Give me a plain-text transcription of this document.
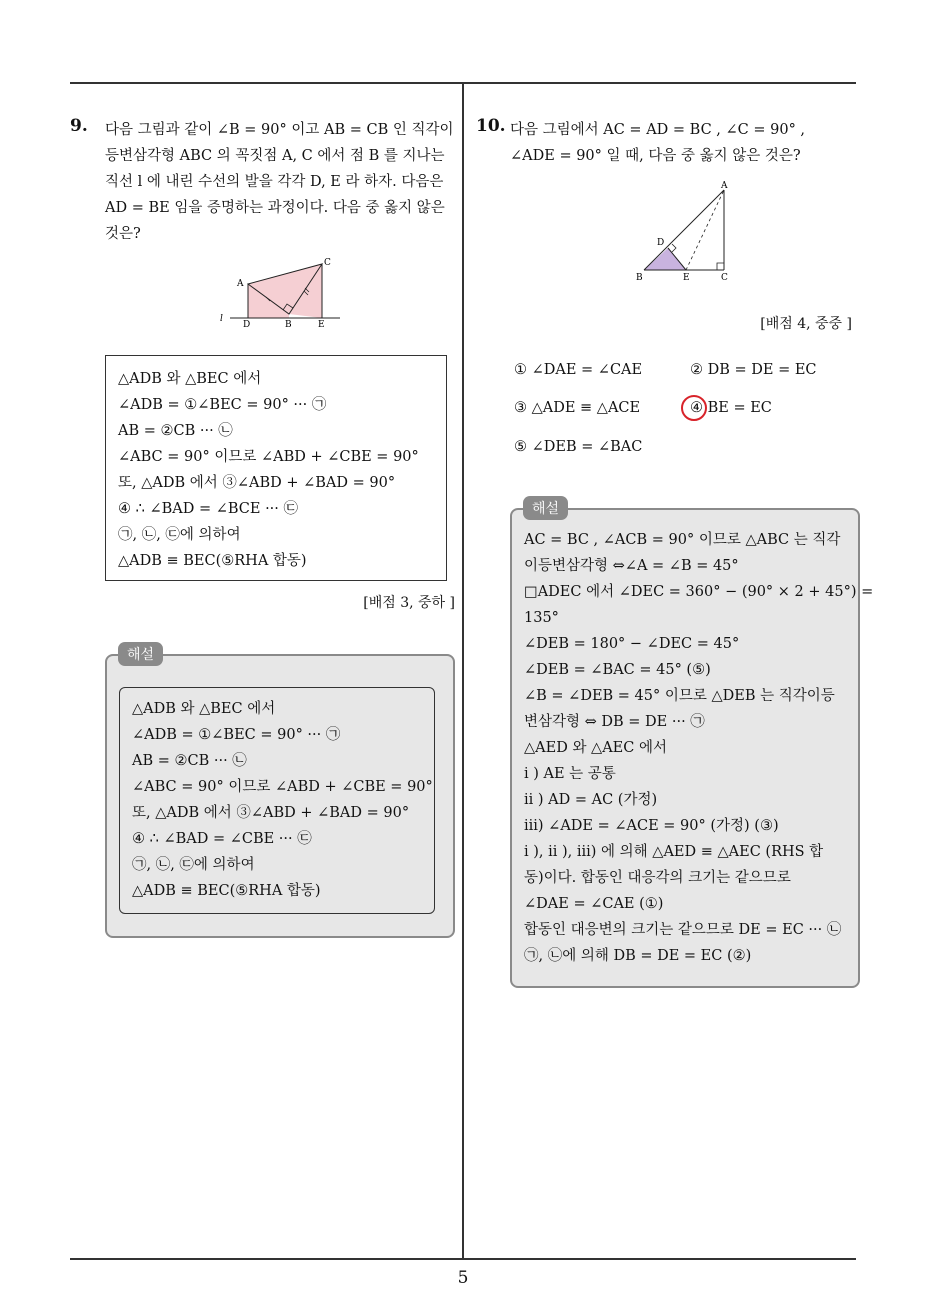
9. 다음 그림과 같이 ∠B = 90° 이고 AB = CB 인 직각이
등변삼각형 ABC 의 꼭짓점 A, C 에서 점 B 를 지나는
직선 l 에 내린 수선의 발을 각각 D, E 라 하자. 다음은
AD = BE 임을 증명하는 과정이다. 다음 중 옳지 않은
것은?
A
C
D	B	E
l
△ADB 와 △BEC 에서
∠ADB = ①∠BEC = 90° ··· ㉠
AB = ②CB ··· ㉡
∠ABC = 90° 이므로 ∠ABD + ∠CBE = 90°
또, △ADB 에서 ③∠ABD + ∠BAD = 90°
④ ∴ ∠BAD = ∠BCE ··· ㉢
㉠, ㉡, ㉢에 의하여
△ADB ≡ BEC(⑤RHA 합동)
[배점 3, 중하 ]
△ADB 와 △BEC 에서
∠ADB = ①∠BEC = 90° ··· ㉠
AB = ②CB ··· ㉡
∠ABC = 90° 이므로 ∠ABD + ∠CBE = 90°
또, △ADB 에서 ③∠ABD + ∠BAD = 90°
④ ∴ ∠BAD = ∠CBE ··· ㉢
㉠, ㉡, ㉢에 의하여
△ADB ≡ BEC(⑤RHA 합동)
해설
10. 다음 그림에서 AC = AD = BC , ∠C = 90° ,
∠ADE = 90° 일 때, 다음 중 옳지 않은 것은?
A
D
B	E	C
[배점 4, 중중 ]
① ∠DAE = ∠CAE	② DB = DE = EC
③ △ADE ≡ △ACE	④ BE = EC
⑤ ∠DEB = ∠BAC
AC = BC , ∠ACB = 90° 이므로 △ABC 는 직각
이등변삼각형 ⇔∠A = ∠B = 45°
□ADEC 에서 ∠DEC = 360° − (90° × 2 + 45°) =
135°
∠DEB = 180° − ∠DEC = 45°
∠DEB = ∠BAC = 45° (⑤)
∠B = ∠DEB = 45° 이므로 △DEB 는 직각이등
변삼각형 ⇔ DB = DE ··· ㉠
△AED 와 △AEC 에서
i ) AE 는 공통
ii ) AD = AC (가정)
iii) ∠ADE = ∠ACE = 90° (가정) (③)
i ), ii ), iii) 에 의해 △AED ≡ △AEC (RHS 합
동)이다. 합동인 대응각의 크기는 같으므로
∠DAE = ∠CAE (①)
합동인 대응변의 크기는 같으므로 DE = EC ··· ㉡
㉠, ㉡에 의해 DB = DE = EC (②)
해설
5
